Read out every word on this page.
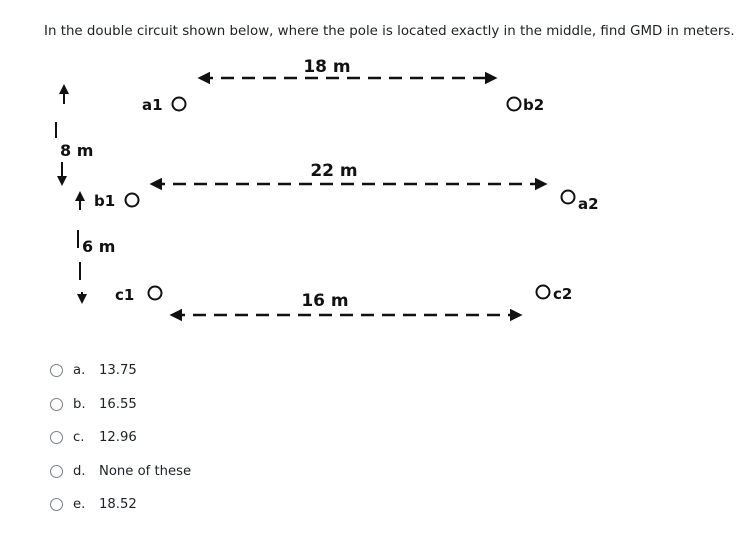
In the double circuit shown below, where the pole is located exactly in the middle, find GMD in meters.

18 m
a1	b2
8 m
22 m
b1	a2
6 m
c1	16 m	c2
a.	13.75
b.	16.55
c.	12.96
d.	None of these
e.	18.52
